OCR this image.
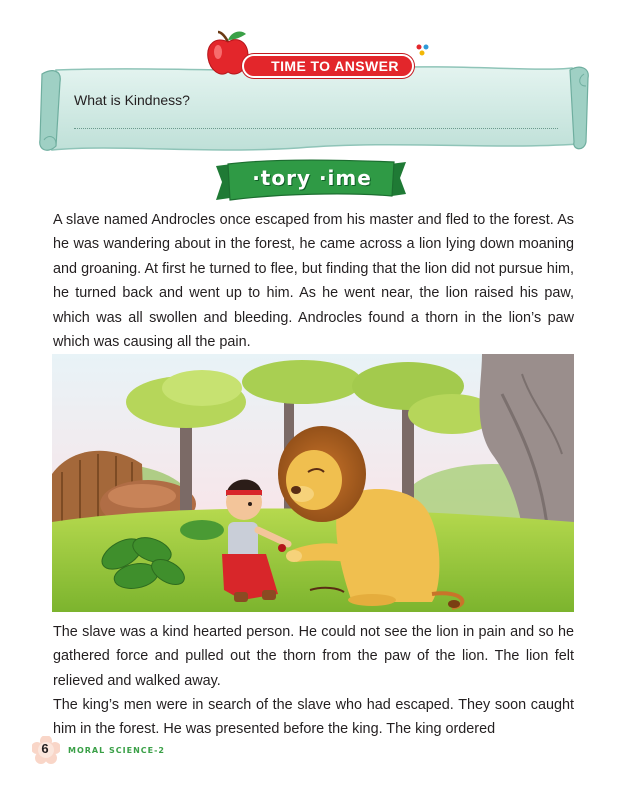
TIME TO ANSWER
What is Kindness?
·tory ·ime

A slave named Androcles once escaped from his master and fled to the forest. As he was wandering about in the forest, he came across a lion lying down moaning and groaning. At first he turned to flee, but finding that the lion did not pursue him, he turned back and went up to him. As he went near, the lion raised his paw, which was all swollen and bleeding. Androcles found a thorn in the lion’s paw which was causing all the pain.

The slave was a kind hearted person. He could not see the lion in pain and so he gathered force and pulled out the thorn from the paw of the lion. The lion felt relieved and walked away.

The king’s men were in search of the slave who had escaped. They soon caught him in the forest. He was presented before the king. The king ordered

6	MORAL SCIENCE-2
